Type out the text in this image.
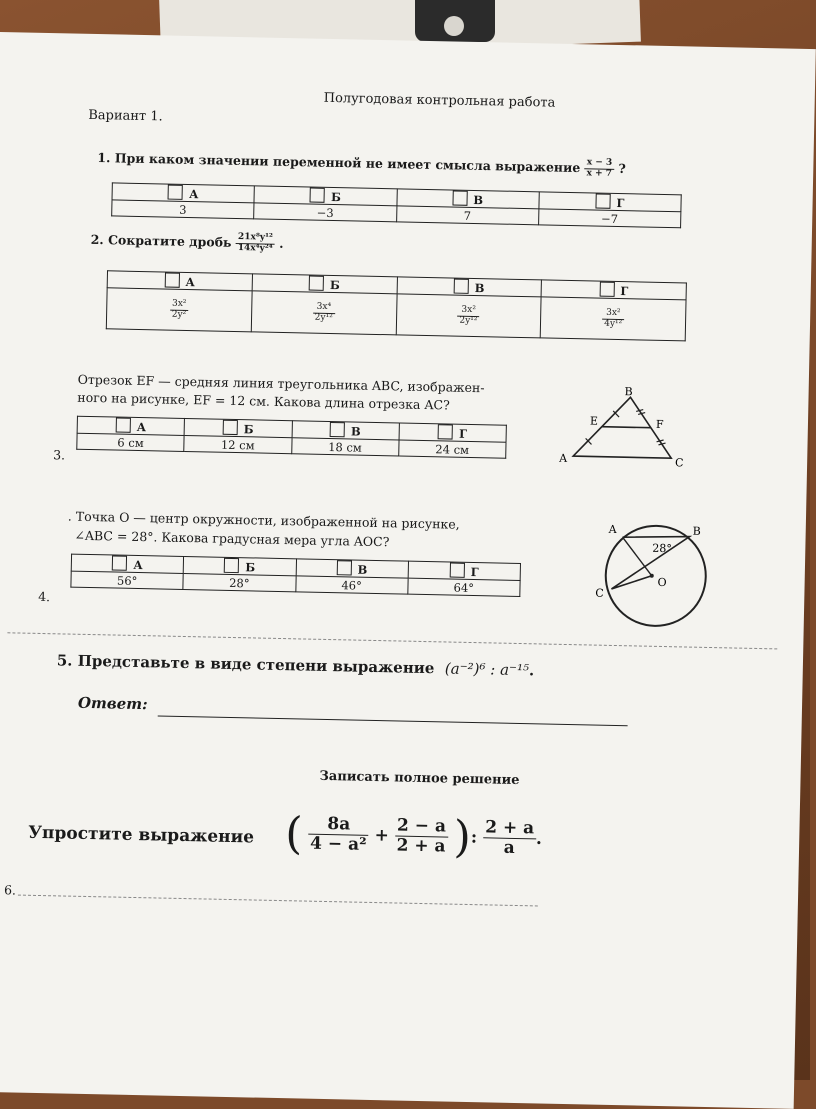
Полугодовая контрольная работа
Вариант 1.
1. При каком значении переменной не имеет смысла выражение $\frac{x - 3}{x + 7}$ ?
А	Б	В	Г
3	−3	7	−7
2. Сократите дробь $\frac{\text{21x⁸y¹²}}{\text{14x⁴y²⁴}}$ .
А	Б	В	Г

$\frac{\text{3x²}}{\text{2y²}}$	$\frac{\text{3x⁴}}{\text{2y¹²}}$	$\frac{\text{3x²}}{\text{2y¹²}}$	$\frac{\text{3x²}}{\text{4y¹²}}$
Отрезок EF — средняя линия треугольника ABC, изображен-
ного на рисунке, EF = 12 см. Какова длина отрезка AC?
А	Б	В	Г
6 см	12 см	18 см	24 см
3.	A
B
C
E	F
. Точка O — центр окружности, изображенной на рисунке,
∠ABC = 28°. Какова градусная мера угла AOC?
А	Б	В	Г
56°	28°	46°	64°
4.
A	B
C
O
28°
5. Представьте в виде степени выражение (a⁻²)⁶ : a⁻¹⁵.
Ответ:
Записать полное решение
Упростите выражение ( $\frac{8a}{\text{4 − a²}} + \frac{2 - a}{2 + a}$ ): $\frac{2 + a}{a}$ .
6.
